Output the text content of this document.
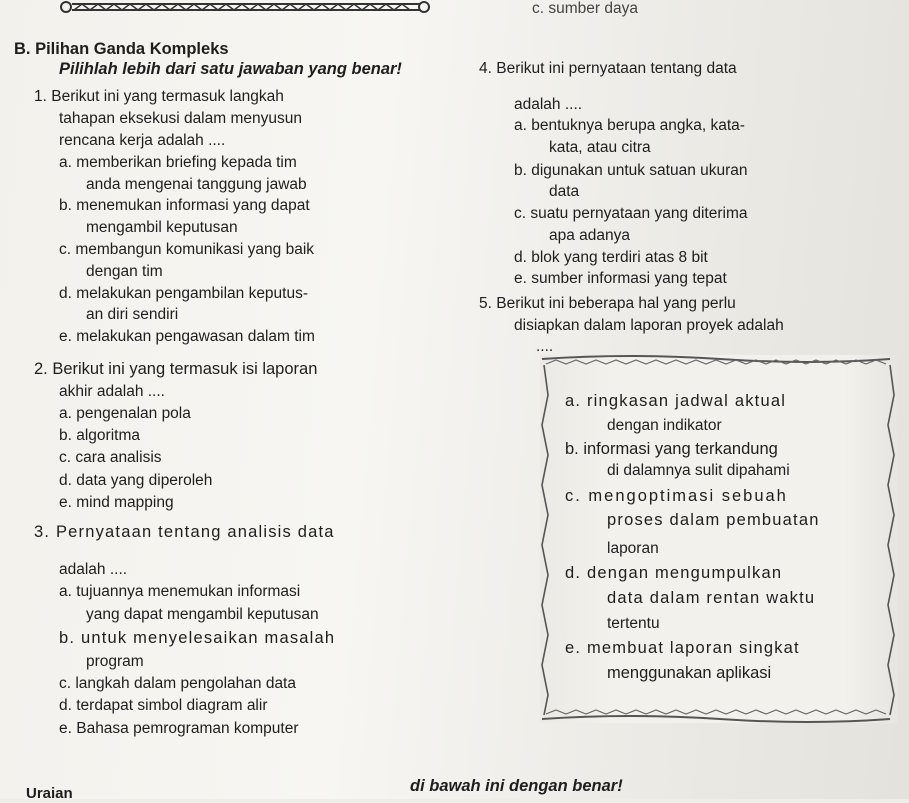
c. sumber daya
B. Pilihan Ganda Kompleks
Pilihlah lebih dari satu jawaban yang benar!
1. Berikut ini yang termasuk langkah
tahapan eksekusi dalam menyusun
rencana kerja adalah ....
a. memberikan briefing kepada tim
anda mengenai tanggung jawab
b. menemukan informasi yang dapat
mengambil keputusan
c. membangun komunikasi yang baik
dengan tim
d. melakukan pengambilan keputus-
an diri sendiri
e. melakukan pengawasan dalam tim
2. Berikut ini yang termasuk isi laporan
akhir adalah ....
a. pengenalan pola
b. algoritma
c. cara analisis
d. data yang diperoleh
e. mind mapping
3. Pernyataan tentang analisis data
adalah ....
a. tujuannya menemukan informasi
yang dapat mengambil keputusan
b. untuk menyelesaikan masalah
program
c. langkah dalam pengolahan data
d. terdapat simbol diagram alir
e. Bahasa pemrograman komputer
4. Berikut ini pernyataan tentang data
adalah ....
a. bentuknya berupa angka, kata-
kata, atau citra
b. digunakan untuk satuan ukuran
data
c. suatu pernyataan yang diterima
apa adanya
d. blok yang terdiri atas 8 bit
e. sumber informasi yang tepat
5. Berikut ini beberapa hal yang perlu
disiapkan dalam laporan proyek adalah
....
a. ringkasan jadwal aktual
dengan indikator
b. informasi yang terkandung
di dalamnya sulit dipahami
c. mengoptimasi sebuah
proses dalam pembuatan
laporan
d. dengan mengumpulkan
data dalam rentan waktu
tertentu
e. membuat laporan singkat
menggunakan aplikasi
Uraian	di bawah ini dengan benar!
